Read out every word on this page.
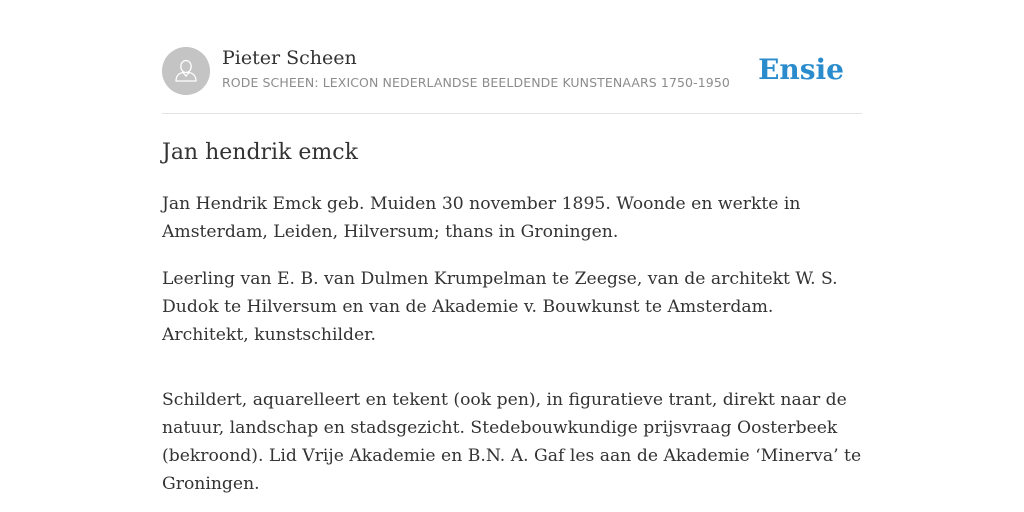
Pieter Scheen
RODE SCHEEN: LEXICON NEDERLANDSE BEELDENDE KUNSTENAARS 1750-1950 Ensie
Jan hendrik emck

Jan Hendrik Emck geb. Muiden 30 november 1895. Woonde en werkte in Amsterdam, Leiden, Hilversum; thans in Groningen.

Leerling van E. B. van Dulmen Krumpelman te Zeegse, van de architekt W. S. Dudok te Hilversum en van de Akademie v. Bouwkunst te Amsterdam. Architekt, kunstschilder.

Schildert, aquarelleert en tekent (ook pen), in figuratieve trant, direkt naar de natuur, landschap en stadsgezicht. Stedebouwkundige prijsvraag Oosterbeek (bekroond). Lid Vrije Akademie en B.N. A. Gaf les aan de Akademie ‘Minerva’ te Groningen.
